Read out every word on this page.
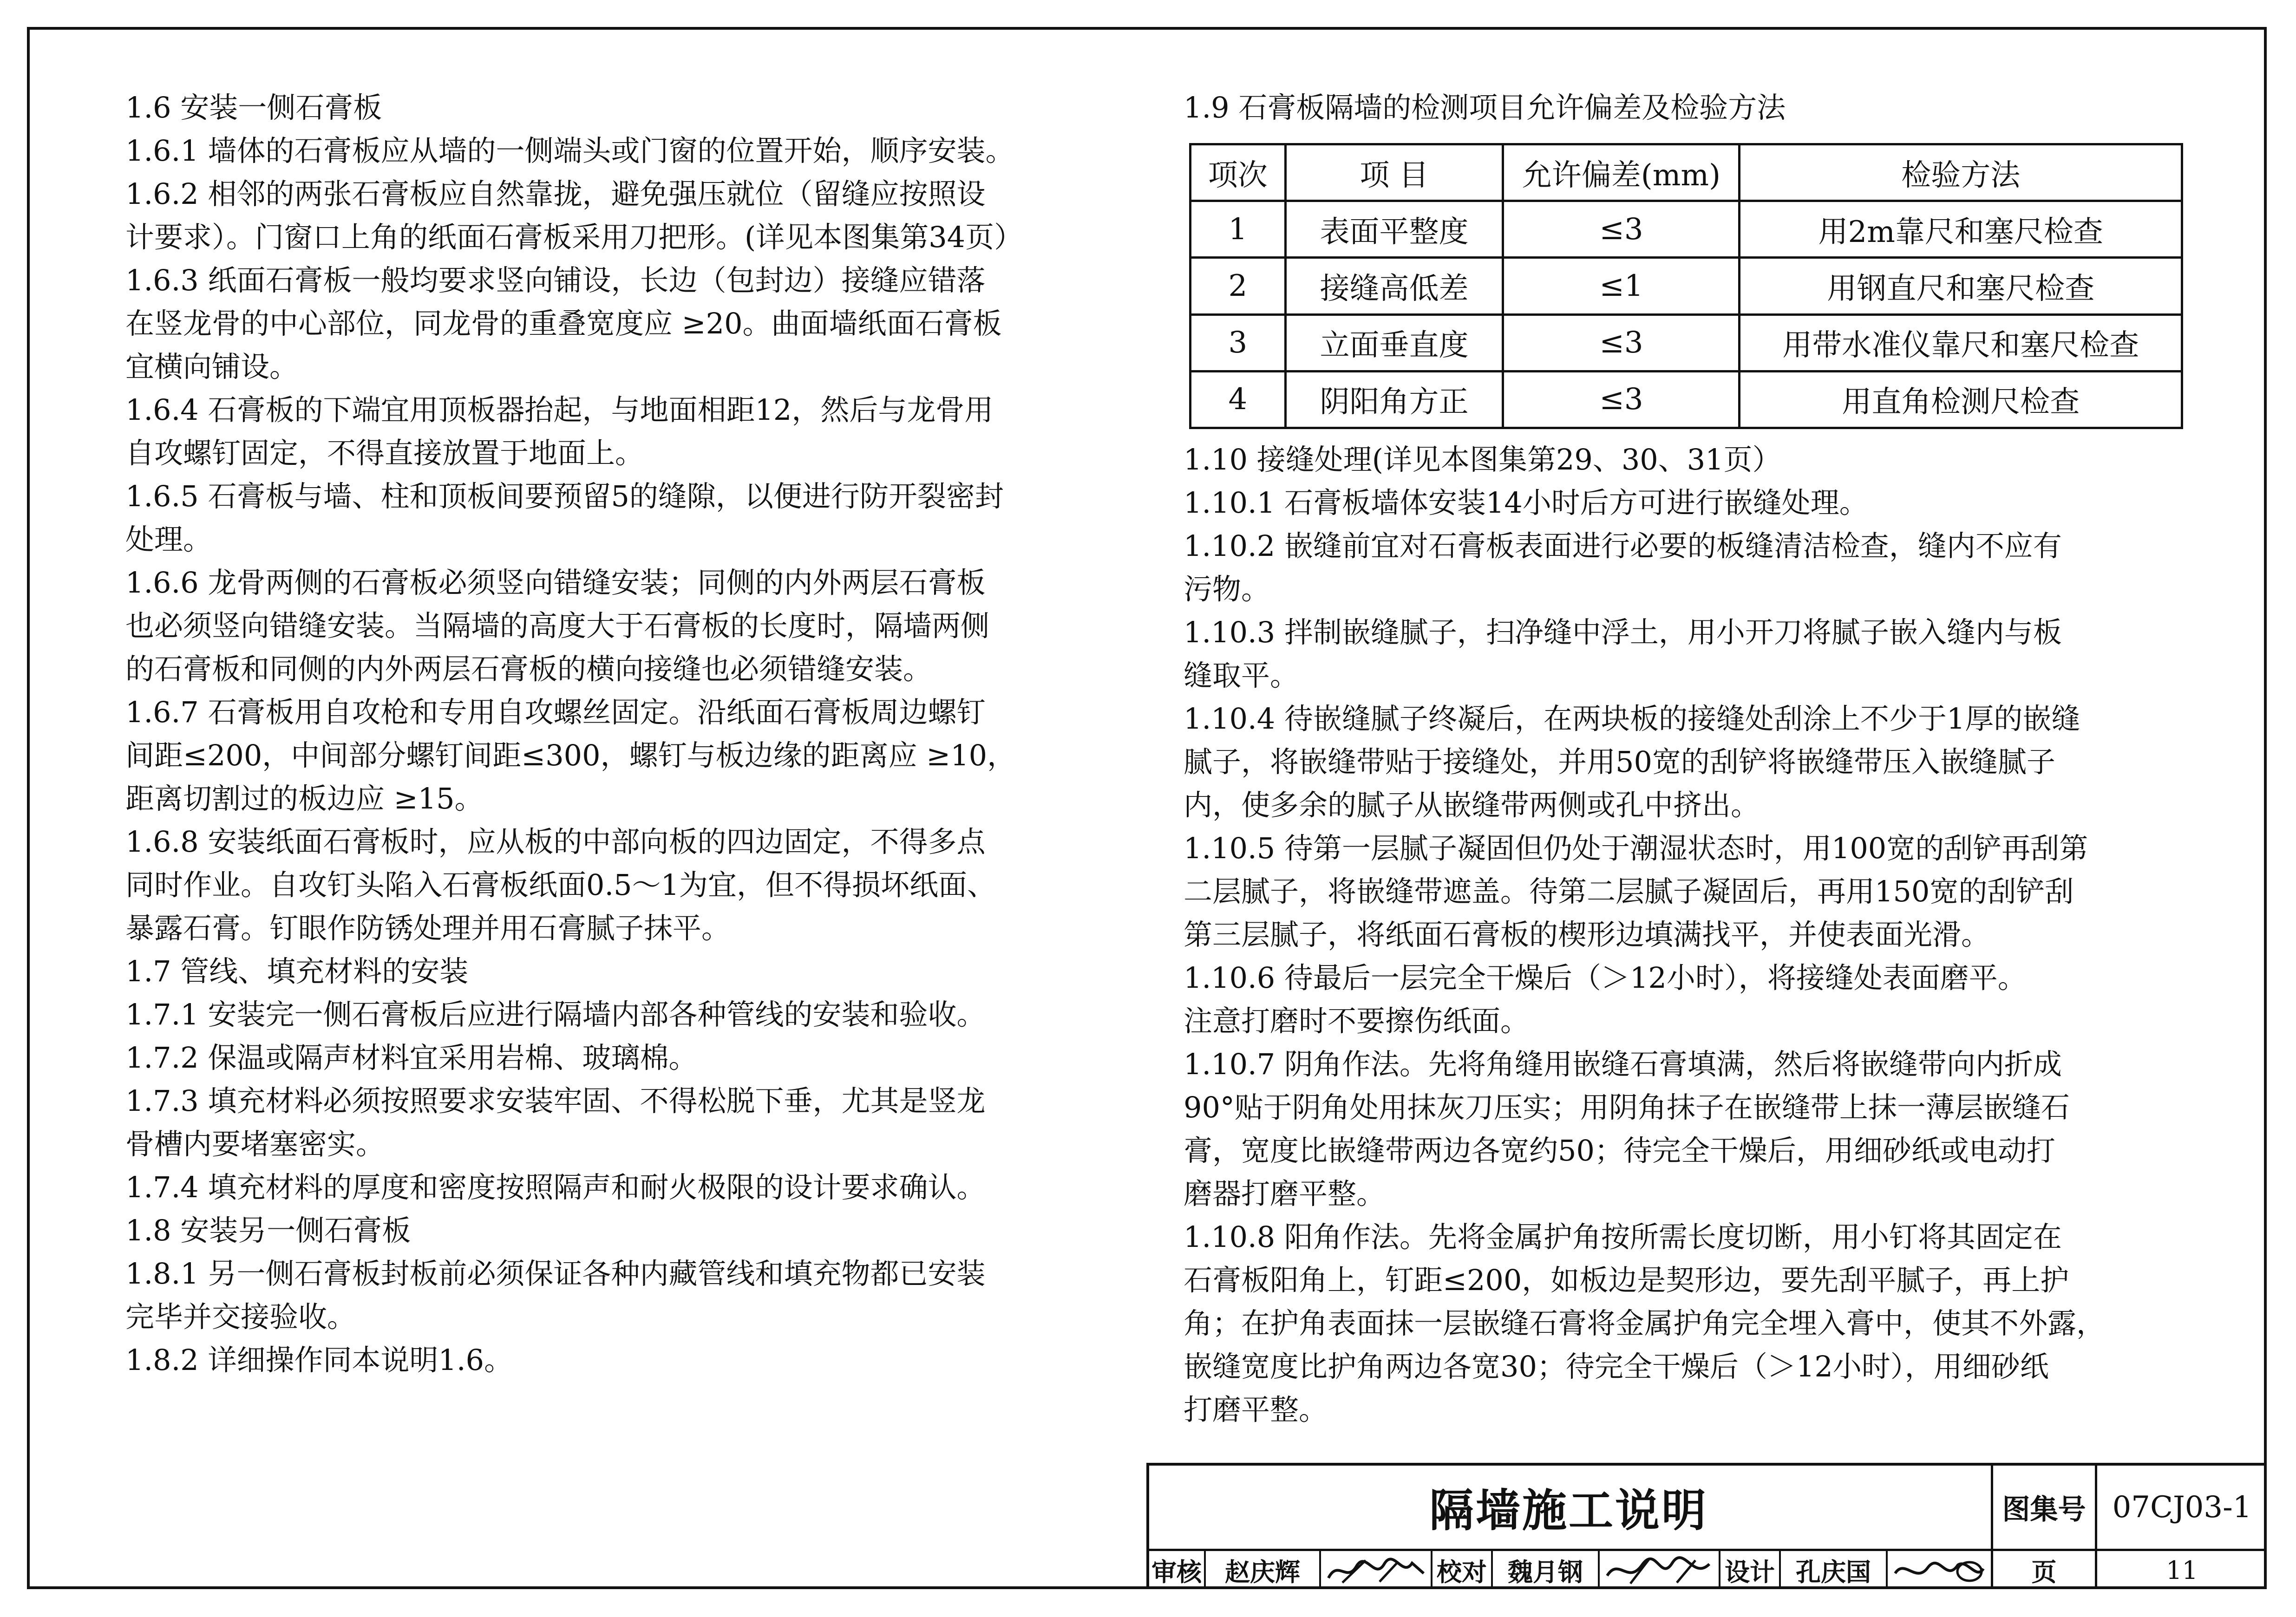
1.6 安装一侧石膏板

1.6.1 墙体的石膏板应从墙的一侧端头或门窗的位置开始，顺序安装。

1.6.2 相邻的两张石膏板应自然靠拢，避免强压就位（留缝应按照设

计要求）。门窗口上角的纸面石膏板采用刀把形。(详见本图集第34页）

1.6.3 纸面石膏板一般均要求竖向铺设，长边（包封边）接缝应错落

在竖龙骨的中心部位，同龙骨的重叠宽度应 ≥20。曲面墙纸面石膏板

宜横向铺设。

1.6.4 石膏板的下端宜用顶板器抬起，与地面相距12，然后与龙骨用

自攻螺钉固定，不得直接放置于地面上。

1.6.5 石膏板与墙、柱和顶板间要预留5的缝隙，以便进行防开裂密封

处理。

1.6.6 龙骨两侧的石膏板必须竖向错缝安装；同侧的内外两层石膏板

也必须竖向错缝安装。当隔墙的高度大于石膏板的长度时，隔墙两侧

的石膏板和同侧的内外两层石膏板的横向接缝也必须错缝安装。

1.6.7 石膏板用自攻枪和专用自攻螺丝固定。沿纸面石膏板周边螺钉

间距≤200，中间部分螺钉间距≤300，螺钉与板边缘的距离应 ≥10，

距离切割过的板边应 ≥15。

1.6.8 安装纸面石膏板时，应从板的中部向板的四边固定，不得多点

同时作业。自攻钉头陷入石膏板纸面0.5～1为宜，但不得损坏纸面、

暴露石膏。钉眼作防锈处理并用石膏腻子抹平。

1.7 管线、填充材料的安装

1.7.1 安装完一侧石膏板后应进行隔墙内部各种管线的安装和验收。

1.7.2 保温或隔声材料宜采用岩棉、玻璃棉。

1.7.3 填充材料必须按照要求安装牢固、不得松脱下垂，尤其是竖龙

骨槽内要堵塞密实。

1.7.4 填充材料的厚度和密度按照隔声和耐火极限的设计要求确认。

1.8 安装另一侧石膏板

1.8.1 另一侧石膏板封板前必须保证各种内藏管线和填充物都已安装

完毕并交接验收。

1.8.2 详细操作同本说明1.6。

1.9 石膏板隔墙的检测项目允许偏差及检验方法

项次	项 目	允许偏差(mm)	检验方法
1	表面平整度	≤3	用2m靠尺和塞尺检查
2	接缝高低差	≤1	用钢直尺和塞尺检查
3	立面垂直度	≤3	用带水准仪靠尺和塞尺检查
4	阴阳角方正	≤3	用直角检测尺检查

1.10 接缝处理(详见本图集第29、30、31页）

1.10.1 石膏板墙体安装14小时后方可进行嵌缝处理。

1.10.2 嵌缝前宜对石膏板表面进行必要的板缝清洁检查，缝内不应有

污物。

1.10.3 拌制嵌缝腻子，扫净缝中浮土，用小开刀将腻子嵌入缝内与板

缝取平。

1.10.4 待嵌缝腻子终凝后，在两块板的接缝处刮涂上不少于1厚的嵌缝

腻子，将嵌缝带贴于接缝处，并用50宽的刮铲将嵌缝带压入嵌缝腻子

内，使多余的腻子从嵌缝带两侧或孔中挤出。

1.10.5 待第一层腻子凝固但仍处于潮湿状态时，用100宽的刮铲再刮第

二层腻子，将嵌缝带遮盖。待第二层腻子凝固后，再用150宽的刮铲刮

第三层腻子，将纸面石膏板的楔形边填满找平，并使表面光滑。

1.10.6 待最后一层完全干燥后（＞12小时），将接缝处表面磨平。

注意打磨时不要擦伤纸面。

1.10.7 阴角作法。先将角缝用嵌缝石膏填满，然后将嵌缝带向内折成

90°贴于阴角处用抹灰刀压实；用阴角抹子在嵌缝带上抹一薄层嵌缝石

膏，宽度比嵌缝带两边各宽约50；待完全干燥后，用细砂纸或电动打

磨器打磨平整。

1.10.8 阳角作法。先将金属护角按所需长度切断，用小钉将其固定在

石膏板阳角上，钉距≤200，如板边是契形边，要先刮平腻子，再上护

角；在护角表面抹一层嵌缝石膏将金属护角完全埋入膏中，使其不外露，

嵌缝宽度比护角两边各宽30；待完全干燥后（＞12小时），用细砂纸

打磨平整。

隔墙施工说明	图集号 07CJ03-1
页	11
审核 赵庆辉	校对 魏月钢	设计 孔庆国
